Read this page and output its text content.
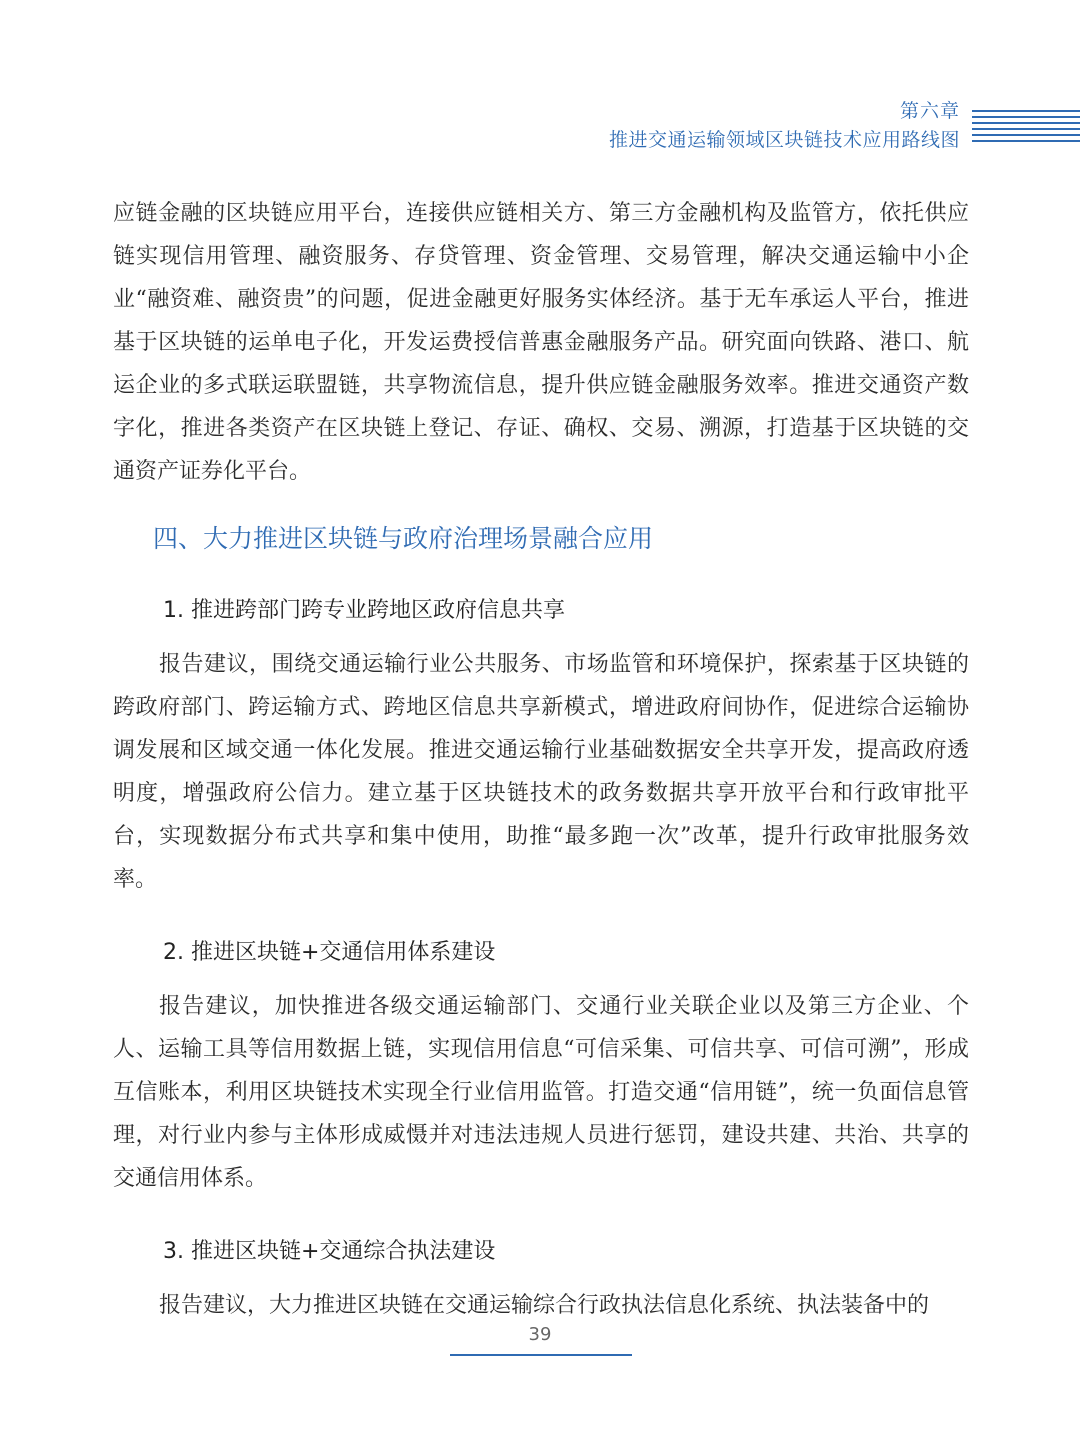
第六章
推进交通运输领域区块链技术应用路线图

应链金融的区块链应用平台，连接供应链相关方、第三方金融机构及监管方，依托供应链实现信用管理、融资服务、存贷管理、资金管理、交易管理，解决交通运输中小企业“融资难、融资贵”的问题，促进金融更好服务实体经济。基于无车承运人平台，推进基于区块链的运单电子化，开发运费授信普惠金融服务产品。研究面向铁路、港口、航运企业的多式联运联盟链，共享物流信息，提升供应链金融服务效率。推进交通资产数字化，推进各类资产在区块链上登记、存证、确权、交易、溯源，打造基于区块链的交通资产证券化平台。

四、大力推进区块链与政府治理场景融合应用
1. 推进跨部门跨专业跨地区政府信息共享

报告建议，围绕交通运输行业公共服务、市场监管和环境保护，探索基于区块链的跨政府部门、跨运输方式、跨地区信息共享新模式，增进政府间协作，促进综合运输协调发展和区域交通一体化发展。推进交通运输行业基础数据安全共享开发，提高政府透明度，增强政府公信力。建立基于区块链技术的政务数据共享开放平台和行政审批平台，实现数据分布式共享和集中使用，助推“最多跑一次”改革，提升行政审批服务效率。

2. 推进区块链+交通信用体系建设

报告建议，加快推进各级交通运输部门、交通行业关联企业以及第三方企业、个人、运输工具等信用数据上链，实现信用信息“可信采集、可信共享、可信可溯”，形成互信账本，利用区块链技术实现全行业信用监管。打造交通“信用链”，统一负面信息管理，对行业内参与主体形成威慑并对违法违规人员进行惩罚，建设共建、共治、共享的交通信用体系。

3. 推进区块链+交通综合执法建设

报告建议，大力推进区块链在交通运输综合行政执法信息化系统、执法装备中的

39
